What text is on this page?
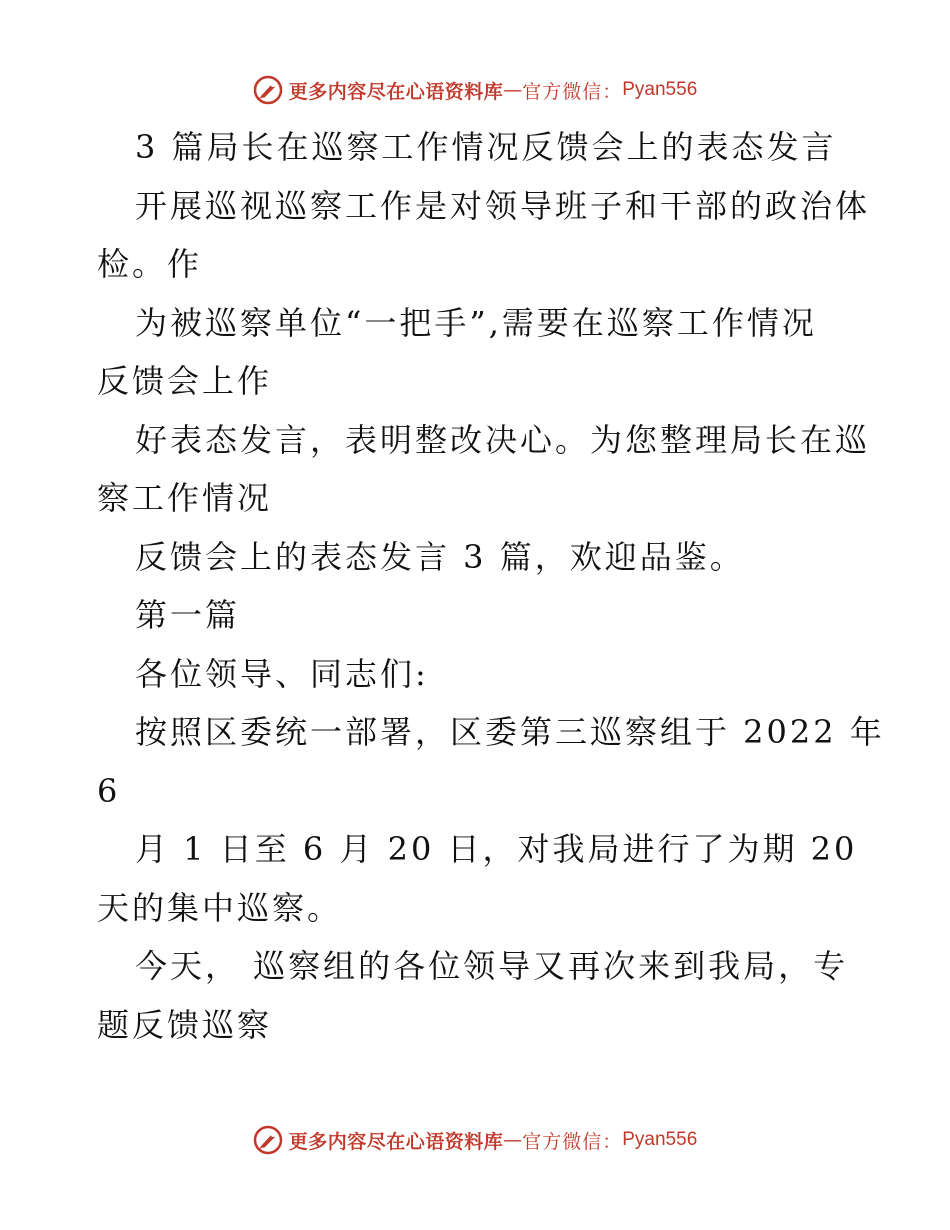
更多内容尽在心语资料库 — 官方微信： Pyan556
3 篇局长在巡察工作情况反馈会上的表态发言
开展巡视巡察工作是对领导班子和干部的政治体
检。作
为被巡察单位“一把手”,需要在巡察工作情况
反馈会上作
好表态发言，表明整改决心。为您整理局长在巡
察工作情况
反馈会上的表态发言 3 篇，欢迎品鉴。
第一篇
各位领导、同志们:
按照区委统一部署，区委第三巡察组于 2022 年
6
月 1 日至 6 月 20 日，对我局进行了为期 20
天的集中巡察。
今天， 巡察组的各位领导又再次来到我局，专
题反馈巡察
更多内容尽在心语资料库 — 官方微信： Pyan556
